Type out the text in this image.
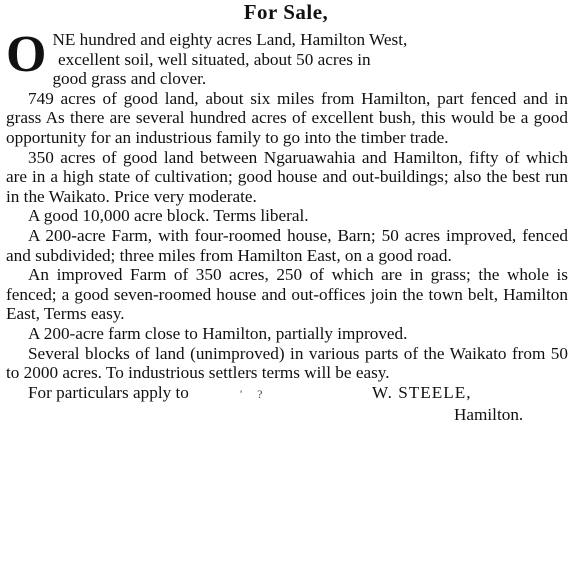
For Sale,
O NE hundred and eighty acres Land, Hamilton West,

excellent soil, well situated, about 50 acres in
good grass and clover.

749 acres of good land, about six miles from Hamilton, part fenced and in grass As there are several hundred acres of excellent bush, this would be a good opportunity for an industrious family to go into the timber trade.

350 acres of good land between Ngaruawahia and Hamilton, fifty of which are in a high state of cultivation; good house and out-buildings; also the best run in the Waikato. Price very moderate.

A good 10,000 acre block. Terms liberal.

A 200-acre Farm, with four-roomed house, Barn; 50 acres improved, fenced and subdivided; three miles from Hamilton East, on a good road.

An improved Farm of 350 acres, 250 of which are in grass; the whole is fenced; a good seven-roomed house and out-offices join the town belt, Hamilton East, Terms easy.

A 200-acre farm close to Hamilton, partially improved.

Several blocks of land (unimproved) in various parts of the Waikato from 50 to 2000 acres. To industrious settlers terms will be easy.

For particulars apply to	' ?	W. STEELE,
Hamilton.
